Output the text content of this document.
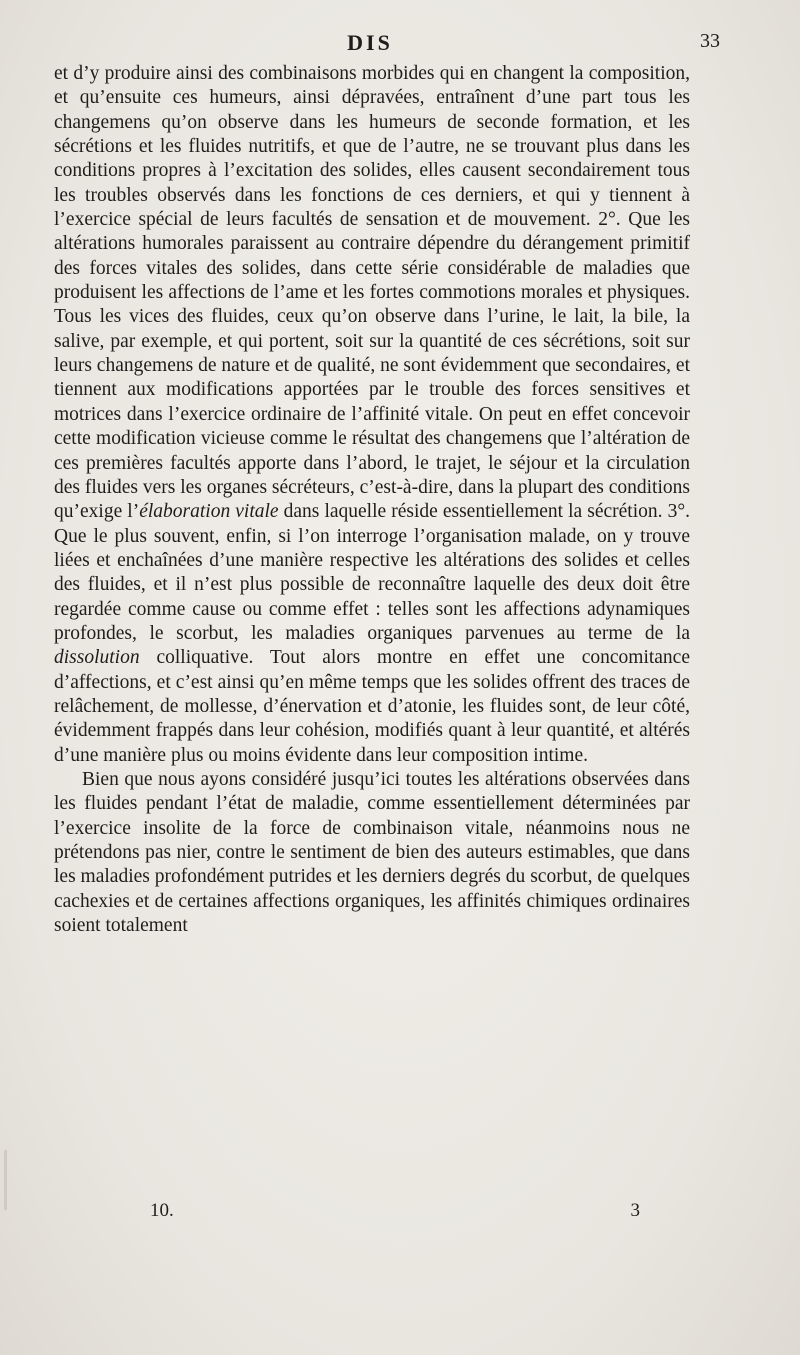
DIS	33

et d’y produire ainsi des combinaisons morbides qui en changent la composition, et qu’ensuite ces humeurs, ainsi dépravées, entraînent d’une part tous les changemens qu’on observe dans les humeurs de seconde formation, et les sécrétions et les fluides nutritifs, et que de l’autre, ne se trouvant plus dans les conditions propres à l’excitation des solides, elles causent secondairement tous les troubles observés dans les fonctions de ces derniers, et qui y tiennent à l’exercice spécial de leurs facultés de sensation et de mouvement. 2°. Que les altérations humorales paraissent au contraire dépendre du dérangement primitif des forces vitales des solides, dans cette série considérable de maladies que produisent les affections de l’ame et les fortes commotions morales et physiques. Tous les vices des fluides, ceux qu’on observe dans l’urine, le lait, la bile, la salive, par exemple, et qui portent, soit sur la quantité de ces sécrétions, soit sur leurs changemens de nature et de qualité, ne sont évidemment que secondaires, et tiennent aux modifications apportées par le trouble des forces sensitives et motrices dans l’exercice ordinaire de l’affinité vitale. On peut en effet concevoir cette modification vicieuse comme le résultat des changemens que l’altération de ces premières facultés apporte dans l’abord, le trajet, le séjour et la circulation des fluides vers les organes sécréteurs, c’est-à-dire, dans la plupart des conditions qu’exige l’élaboration vitale dans laquelle réside essentiellement la sécrétion. 3°. Que le plus souvent, enfin, si l’on interroge l’organisation malade, on y trouve liées et enchaînées d’une manière respective les altérations des solides et celles des fluides, et il n’est plus possible de reconnaître laquelle des deux doit être regardée comme cause ou comme effet : telles sont les affections adynamiques profondes, le scorbut, les maladies organiques parvenues au terme de la dissolution colliquative. Tout alors montre en effet une concomitance d’affections, et c’est ainsi qu’en même temps que les solides offrent des traces de relâchement, de mollesse, d’énervation et d’atonie, les fluides sont, de leur côté, évidemment frappés dans leur cohésion, modifiés quant à leur quantité, et altérés d’une manière plus ou moins évidente dans leur composition intime.

Bien que nous ayons considéré jusqu’ici toutes les altérations observées dans les fluides pendant l’état de maladie, comme essentiellement déterminées par l’exercice insolite de la force de combinaison vitale, néanmoins nous ne prétendons pas nier, contre le sentiment de bien des auteurs estimables, que dans les maladies profondément putrides et les derniers degrés du scorbut, de quelques cachexies et de certaines affections organiques, les affinités chimiques ordinaires soient totalement

10.	3
